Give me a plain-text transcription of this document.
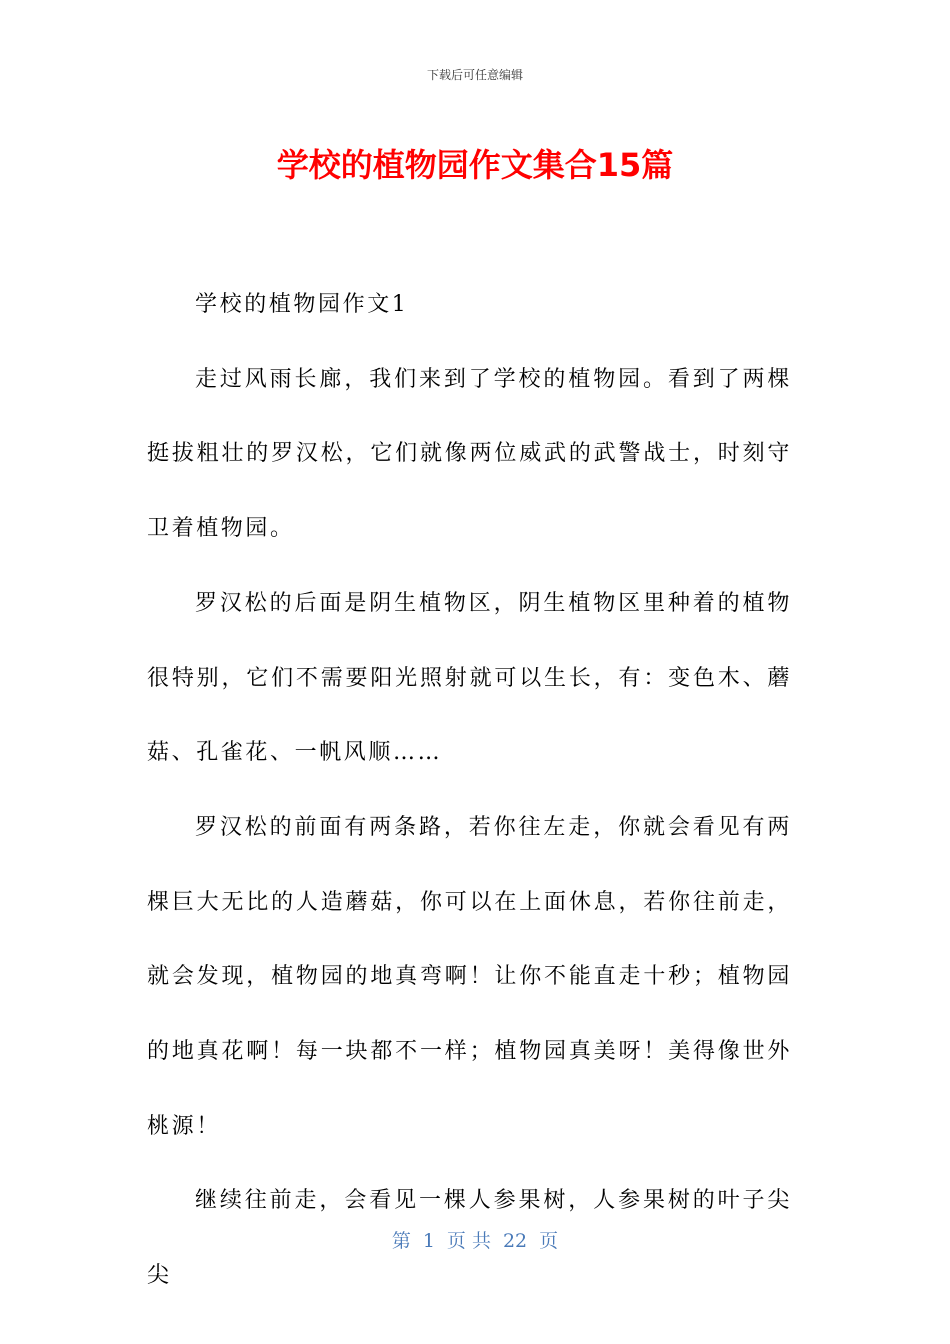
下载后可任意编辑
学校的植物园作文集合15篇

学校的植物园作文1

走过风雨长廊，我们来到了学校的植物园。看到了两棵挺拔粗壮的罗汉松，它们就像两位威武的武警战士，时刻守卫着植物园。

罗汉松的后面是阴生植物区，阴生植物区里种着的植物很特别，它们不需要阳光照射就可以生长，有：变色木、蘑菇、孔雀花、一帆风顺……

罗汉松的前面有两条路，若你往左走，你就会看见有两棵巨大无比的人造蘑菇，你可以在上面休息，若你往前走，就会发现，植物园的地真弯啊！让你不能直走十秒；植物园的地真花啊！每一块都不一样；植物园真美呀！美得像世外桃源！

继续往前走，会看见一棵人参果树，人参果树的叶子尖尖

第 1 页 共 22 页
